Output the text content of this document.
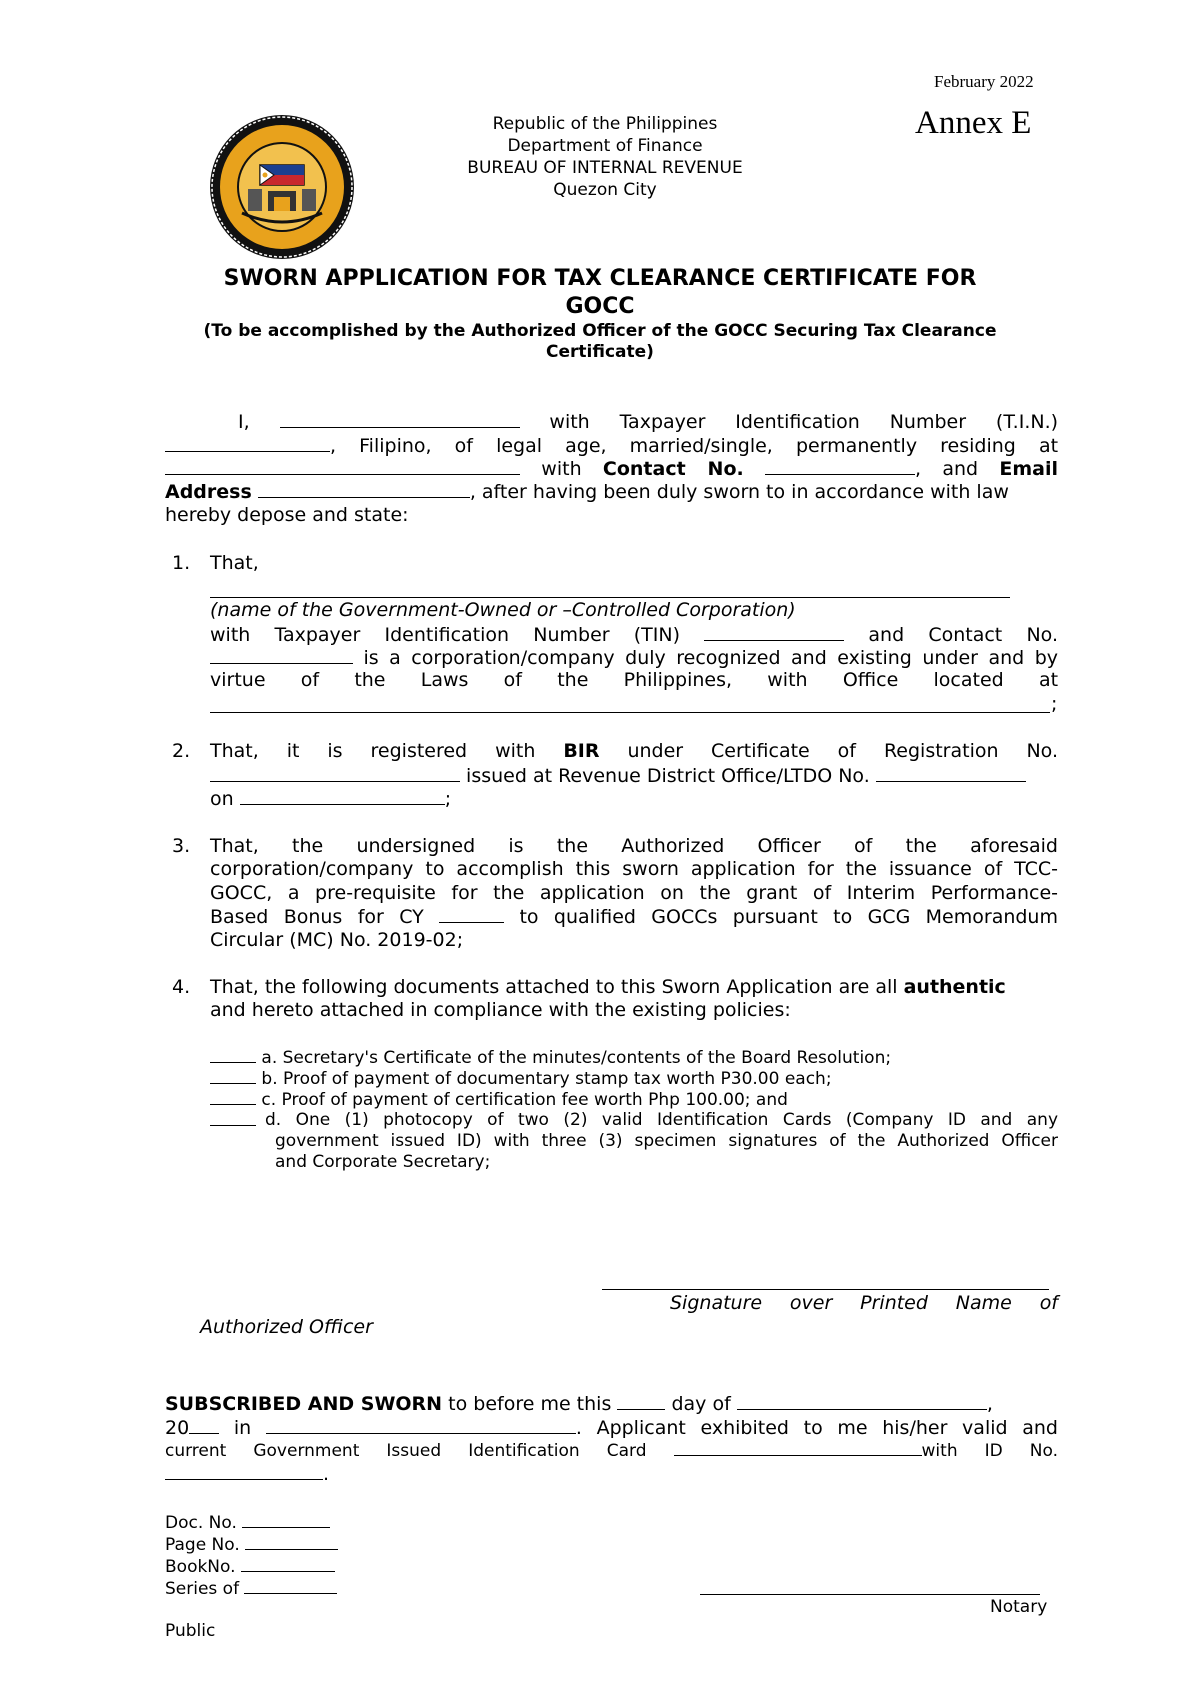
February 2022
Annex E
Republic of the Philippines
Department of Finance
BUREAU OF INTERNAL REVENUE
Quezon City
SWORN APPLICATION FOR TAX CLEARANCE CERTIFICATE FOR
GOCC
(To be accomplished by the Authorized Officer of the GOCC Securing Tax Clearance
Certificate)
I,	with Taxpayer Identification Number (T.I.N.)
, Filipino, of legal age, married/single, permanently residing at
with Contact No.	, and Email
Address	, after having been duly sworn to in accordance with law
hereby depose and state:
1. That,
(name of the Government-Owned or –Controlled Corporation)
with Taxpayer Identification Number (TIN)	and Contact No.
is a corporation/company duly recognized and existing under and by
virtue of the Laws of the Philippines, with Office located at
;
2. That, it is registered with BIR under Certificate of Registration No.
issued at Revenue District Office/LTDO No.
on	;
3. That, the undersigned is the Authorized Officer of the aforesaid
corporation/company to accomplish this sworn application for the issuance of TCC-
GOCC, a pre-requisite for the application on the grant of Interim Performance-
Based Bonus for CY	to qualified GOCCs pursuant to GCG Memorandum
Circular (MC) No. 2019-02;
4. That, the following documents attached to this Sworn Application are all authentic
and hereto attached in compliance with the existing policies:
a. Secretary's Certificate of the minutes/contents of the Board Resolution;
b. Proof of payment of documentary stamp tax worth P30.00 each;
c. Proof of payment of certification fee worth Php 100.00; and
d. One (1) photocopy of two (2) valid Identification Cards (Company ID and any
government issued ID) with three (3) specimen signatures of the Authorized Officer
and Corporate Secretary;
Signature over Printed Name of
Authorized Officer
SUBSCRIBED AND SWORN to before me this	day of	,
20 in	. Applicant exhibited to me his/her valid and
current Government Issued Identification Card	with ID No.
.
Doc. No.
Page No.
BookNo.
Series of
Notary
Public
